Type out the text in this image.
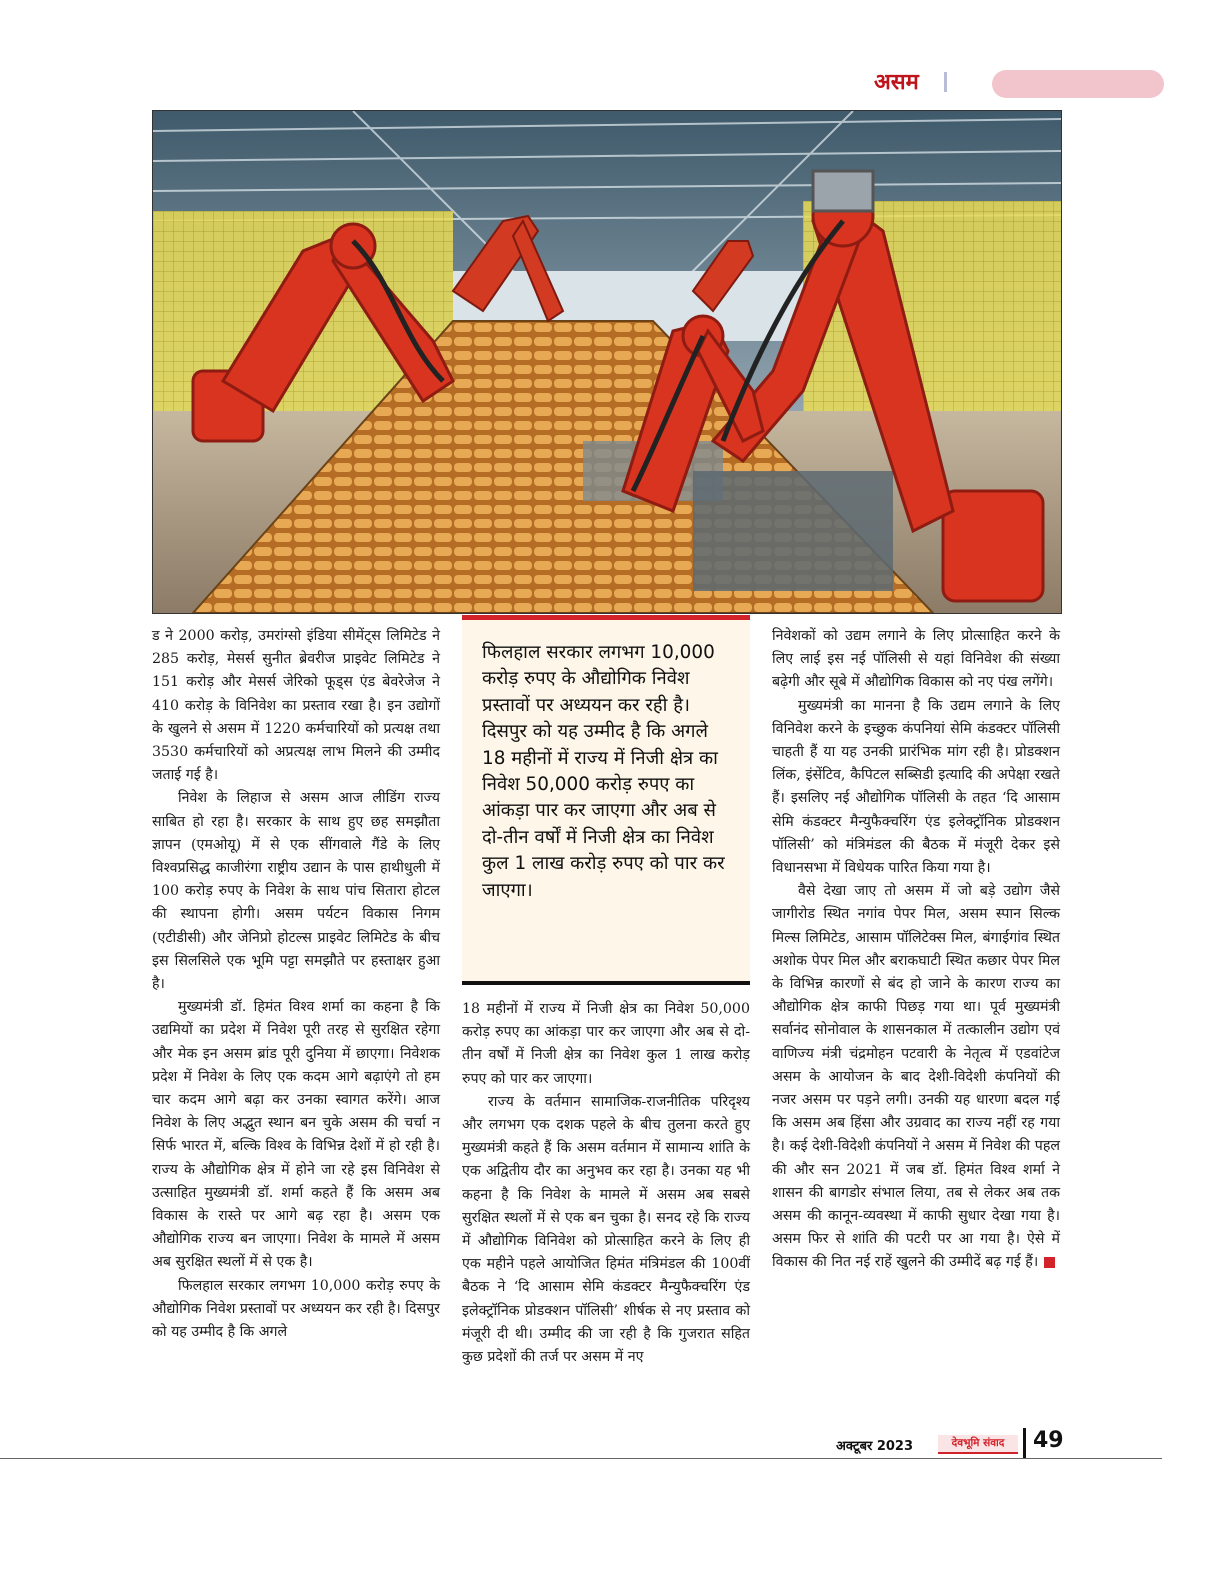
असम

ड ने 2000 करोड़, उमरांग्सो इंडिया सीमेंट्स लिमिटेड ने 285 करोड़, मेसर्स सुनीत ब्रेवरीज प्राइवेट लिमिटेड ने 151 करोड़ और मेसर्स जेरिको फूड्स एंड बेवरेजेज ने 410 करोड़ के विनिवेश का प्रस्ताव रखा है। इन उद्योगों के खुलने से असम में 1220 कर्मचारियों को प्रत्यक्ष तथा 3530 कर्मचारियों को अप्रत्यक्ष लाभ मिलने की उम्मीद जताई गई है।

निवेश के लिहाज से असम आज लीडिंग राज्य साबित हो रहा है। सरकार के साथ हुए छह समझौता ज्ञापन (एमओयू) में से एक सींगवाले गैंडे के लिए विश्वप्रसिद्ध काजीरंगा राष्ट्रीय उद्यान के पास हाथीधुली में 100 करोड़ रुपए के निवेश के साथ पांच सितारा होटल की स्थापना होगी। असम पर्यटन विकास निगम (एटीडीसी) और जेनिप्रो होटल्स प्राइवेट लिमिटेड के बीच इस सिलसिले एक भूमि पट्टा समझौते पर हस्ताक्षर हुआ है।

मुख्यमंत्री डॉ. हिमंत विश्व शर्मा का कहना है कि उद्यमियों का प्रदेश में निवेश पूरी तरह से सुरक्षित रहेगा और मेक इन असम ब्रांड पूरी दुनिया में छाएगा। निवेशक प्रदेश में निवेश के लिए एक कदम आगे बढ़ाएंगे तो हम चार कदम आगे बढ़ा कर उनका स्वागत करेंगे। आज निवेश के लिए अद्भुत स्थान बन चुके असम की चर्चा न सिर्फ भारत में, बल्कि विश्व के विभिन्न देशों में हो रही है। राज्य के औद्योगिक क्षेत्र में होने जा रहे इस विनिवेश से उत्साहित मुख्यमंत्री डॉ. शर्मा कहते हैं कि असम अब विकास के रास्ते पर आगे बढ़ रहा है। असम एक औद्योगिक राज्य बन जाएगा। निवेश के मामले में असम अब सुरक्षित स्थलों में से एक है।

फिलहाल सरकार लगभग 10,000 करोड़ रुपए के औद्योगिक निवेश प्रस्तावों पर अध्ययन कर रही है। दिसपुर को यह उम्मीद है कि अगले

फिलहाल सरकार लगभग 10,000 करोड़ रुपए के औद्योगिक निवेश प्रस्तावों पर अध्ययन कर रही है। दिसपुर को यह उम्मीद है कि अगले 18 महीनों में राज्य में निजी क्षेत्र का निवेश 50,000 करोड़ रुपए का आंकड़ा पार कर जाएगा और अब से दो-तीन वर्षों में निजी क्षेत्र का निवेश कुल 1 लाख करोड़ रुपए को पार कर जाएगा।

18 महीनों में राज्य में निजी क्षेत्र का निवेश 50,000 करोड़ रुपए का आंकड़ा पार कर जाएगा और अब से दो-तीन वर्षों में निजी क्षेत्र का निवेश कुल 1 लाख करोड़ रुपए को पार कर जाएगा।

राज्य के वर्तमान सामाजिक-राजनीतिक परिदृश्य और लगभग एक दशक पहले के बीच तुलना करते हुए मुख्यमंत्री कहते हैं कि असम वर्तमान में सामान्य शांति के एक अद्वितीय दौर का अनुभव कर रहा है। उनका यह भी कहना है कि निवेश के मामले में असम अब सबसे सुरक्षित स्थलों में से एक बन चुका है। सनद रहे कि राज्य में औद्योगिक विनिवेश को प्रोत्साहित करने के लिए ही एक महीने पहले आयोजित हिमंत मंत्रिमंडल की 100वीं बैठक ने ‘दि आसाम सेमि कंडक्टर मैन्युफैक्चरिंग एंड इलेक्ट्रॉनिक प्रोडक्शन पॉलिसी’ शीर्षक से नए प्रस्ताव को मंजूरी दी थी। उम्मीद की जा रही है कि गुजरात सहित कुछ प्रदेशों की तर्ज पर असम में नए

निवेशकों को उद्यम लगाने के लिए प्रोत्साहित करने के लिए लाई इस नई पॉलिसी से यहां विनिवेश की संख्या बढ़ेगी और सूबे में औद्योगिक विकास को नए पंख लगेंगे।

मुख्यमंत्री का मानना है कि उद्यम लगाने के लिए विनिवेश करने के इच्छुक कंपनियां सेमि कंडक्टर पॉलिसी चाहती हैं या यह उनकी प्रारंभिक मांग रही है। प्रोडक्शन लिंक, इंसेंटिव, कैपिटल सब्सिडी इत्यादि की अपेक्षा रखते हैं। इसलिए नई औद्योगिक पॉलिसी के तहत ‘दि आसाम सेमि कंडक्टर मैन्युफैक्चरिंग एंड इलेक्ट्रॉनिक प्रोडक्शन पॉलिसी’ को मंत्रिमंडल की बैठक में मंजूरी देकर इसे विधानसभा में विधेयक पारित किया गया है।

वैसे देखा जाए तो असम में जो बड़े उद्योग जैसे जागीरोड स्थित नगांव पेपर मिल, असम स्पान सिल्क मिल्स लिमिटेड, आसाम पॉलिटेक्स मिल, बंगाईगांव स्थित अशोक पेपर मिल और बराकघाटी स्थित कछार पेपर मिल के विभिन्न कारणों से बंद हो जाने के कारण राज्य का औद्योगिक क्षेत्र काफी पिछड़ गया था। पूर्व मुख्यमंत्री सर्वानंद सोनोवाल के शासनकाल में तत्कालीन उद्योग एवं वाणिज्य मंत्री चंद्रमोहन पटवारी के नेतृत्व में एडवांटेज असम के आयोजन के बाद देशी-विदेशी कंपनियों की नजर असम पर पड़ने लगी। उनकी यह धारणा बदल गई कि असम अब हिंसा और उग्रवाद का राज्य नहीं रह गया है। कई देशी-विदेशी कंपनियों ने असम में निवेश की पहल की और सन 2021 में जब डॉ. हिमंत विश्व शर्मा ने शासन की बागडोर संभाल लिया, तब से लेकर अब तक असम की कानून-व्यवस्था में काफी सुधार देखा गया है। असम फिर से शांति की पटरी पर आ गया है। ऐसे में विकास की नित नई राहें खुलने की उम्मीदें बढ़ गई हैं।

अक्टूबर 2023	देवभूमि संवाद	49
